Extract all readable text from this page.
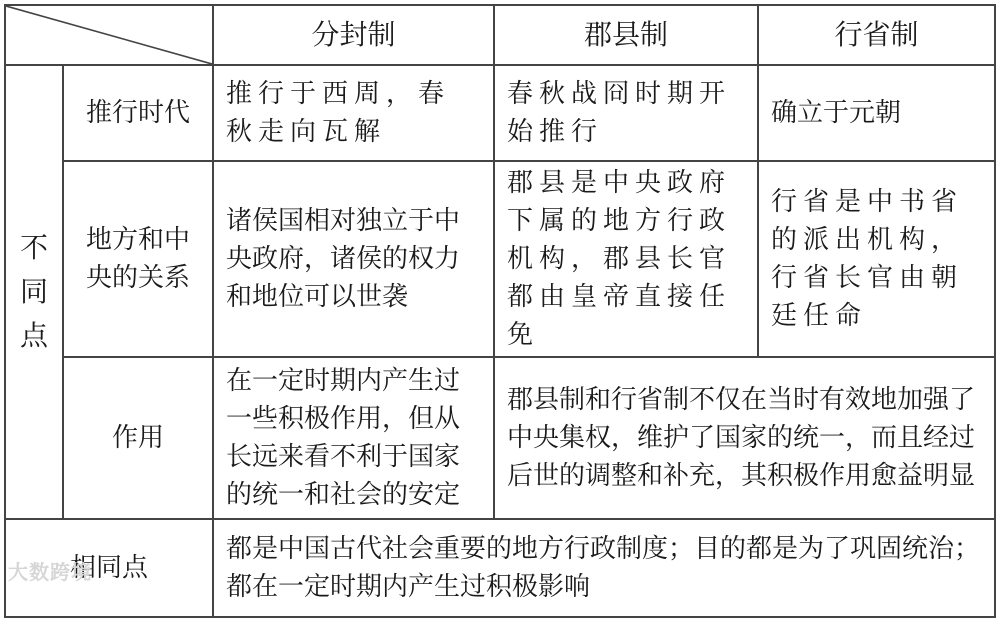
	分封制	郡县制	行省制

不
同
点	推行时代	推行于西周，春秋走向瓦解	春秋战冏时期开始推行	确立于元朝
	地方和中央的关系	诸侯国相对独立于中央政府，诸侯的权力和地位可以世袭	郡县是中央政府下属的地方行政机构，郡县长官都由皇帝直接任免	行省是中书省的派出机构，行省长官由朝廷任命
	作用	在一定时期内产生过一些积极作用，但从长远来看不利于国家的统一和社会的安定	郡县制和行省制不仅在当时有效地加强了中央集权，维护了国家的统一，而且经过后世的调整和补充，其积极作用愈益明显	
相同点		都是中国古代社会重要的地方行政制度；目的都是为了巩固统治；都在一定时期内产生过积极影响		
大数跨境
